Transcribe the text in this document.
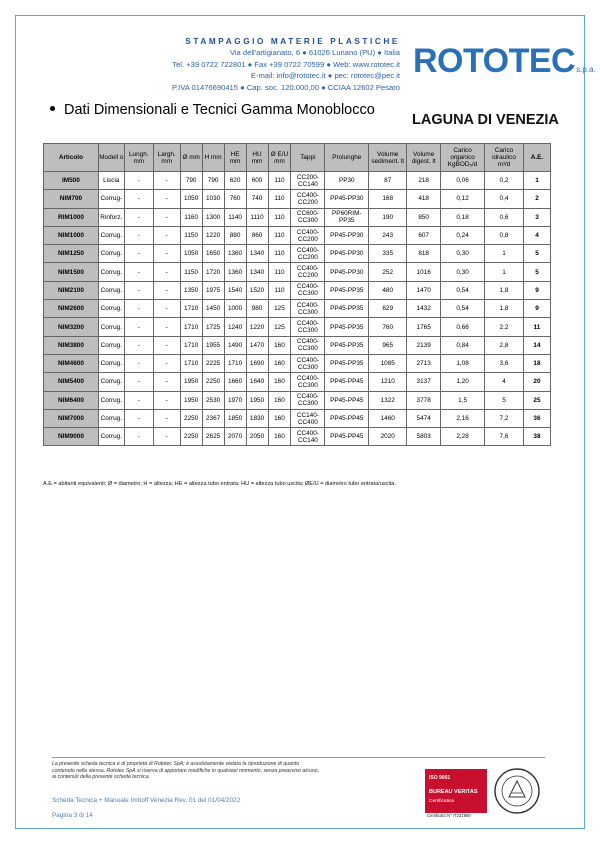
STAMPAGGIO MATERIE PLASTICHE
Via dell'artigianato, 6 ● 61026 Lunano (PU) ● Italia
Tel. +39 0722 722801 ● Fax +39 0722 70599 ● Web: www.rototec.it
E-mail: info@rototec.it ● pec: rototec@pec.it
P.IVA 01476690415 ● Cap. soc. 120.000,00 ● CCIAA 12602 Pesaro
ROTOTECs.p.a.
Dati Dimensionali e Tecnici Gamma Monoblocco
LAGUNA DI VENEZIA
Articolo	Modell o	Lungh. mm	Largh. mm	Ø mm	H mm	HE mm	HU mm	Ø E/U mm	Tappi	Prolunghe	Volume sediment. lt	Volume digest. lt	Carico organico KgBOD₅/d	Carico idraulico m³/d	A.E.
IM500	Liscia	-	-	790	790	620	600	110	CC200-CC140	PP30	87	218	0,06	0,2	1
NIM700	Corrug-	-	-	1050	1030	760	740	110	CC400-CC200	PP45-PP30	168	418	0,12	0,4	2
RIM1000	Rinforz.	-	-	1160	1300	1140	1110	110	CC600-CC300	PP60RIM-PP35	190	850	0,18	0,6	3
NIM1000	Corrug.	-	-	1150	1220	880	860	110	CC400-CC200	PP45-PP30	243	607	0,24	0,8	4
NIM1250	Corrug.	-	-	1050	1650	1360	1340	110	CC400-CC200	PP45-PP30	335	818	0,30	1	5
NIM1500	Corrug.	-	-	1150	1720	1360	1340	110	CC400-CC200	PP45-PP30	252	1016	0,30	1	5
NIM2100	Corrug.	-	-	1350	1975	1540	1520	110	CC400-CC300	PP45-PP35	480	1470	0,54	1,8	9
NIM2600	Corrug.	-	-	1710	1450	1000	980	125	CC400-CC300	PP45-PP35	629	1432	0,54	1,8	9
NIM3200	Corrug.	-	-	1710	1725	1240	1220	125	CC400-CC300	PP45-PP35	760	1765	0,66	2,2	11
NIM3800	Corrug.	-	-	1710	1955	1490	1470	160	CC400-CC300	PP45-PP35	965	2139	0,84	2,8	14
NIM4600	Corrug.	-	-	1710	2225	1710	1690	160	CC400-CC300	PP45-PP35	1085	2713	1,08	3,6	18
NIM5400	Corrug.	-	-	1950	2250	1660	1640	160	CC400-CC300	PP45-PP45	1210	3137	1,20	4	20
NIM6400	Corrug.	-	-	1950	2530	1970	1950	160	CC400-CC300	PP45-PP45	1322	3778	1,5	5	25
NIM7000	Corrug.	-	-	2250	2367	1850	1830	160	CC140-CC400	PP45-PP45	1460	5474	2,16	7,2	36
NIM9000	Corrug.	-	-	2250	2625	2070	2050	160	CC400-CC140	PP45-PP45	2020	5803	2,28	7,6	38
A.E.= abitanti equivalenti: Ø = diametro; H = altezza; HE = altezza tubo entrata; HU = altezza tubo uscita; ØE/U = diametro tubo entrata/uscita.
La presente scheda tecnica è di proprietà di Rototec SpA; è assolutamente vietata la riproduzione di quanto contenuto nella stessa. Rototec SpA si riserva di apportare modifiche in qualsiasi momento, senza preavviso alcuno, ai contenuti della presente scheda tecnica.
Scheda Tecnica + Manuale Imhoff Venezia Rev. 01 del 01/04/2022
Pagina 3 di 14
ISO 9001
BUREAU VERITAS
Certification
Certificato N° IT231900
